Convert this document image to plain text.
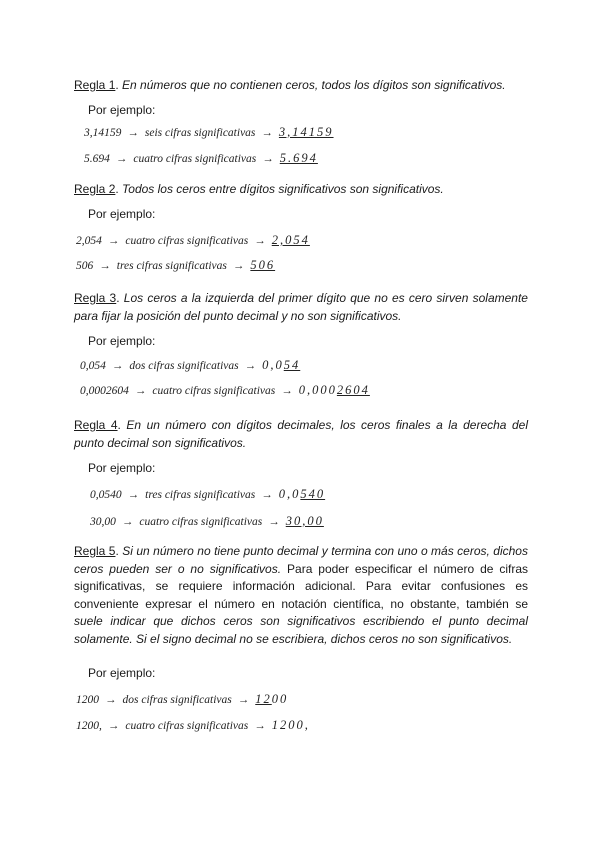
Regla 1. En números que no contienen ceros, todos los dígitos son significativos.
Por ejemplo:
3,14159 → seis cifras significativas → 3,14159
5.694 → cuatro cifras significativas → 5.694
Regla 2. Todos los ceros entre dígitos significativos son significativos.
Por ejemplo:
2,054 → cuatro cifras significativas → 2,054
506 → tres cifras significativas → 506
Regla 3. Los ceros a la izquierda del primer dígito que no es cero sirven solamente para fijar la posición del punto decimal y no son significativos.
Por ejemplo:
0,054 → dos cifras significativas → 0,054
0,0002604 → cuatro cifras significativas → 0,0002604
Regla 4. En un número con dígitos decimales, los ceros finales a la derecha del punto decimal son significativos.
Por ejemplo:
0,0540 → tres cifras significativas → 0,0540
30,00 → cuatro cifras significativas → 30,00
Regla 5. Si un número no tiene punto decimal y termina con uno o más ceros, dichos ceros pueden ser o no significativos. Para poder especificar el número de cifras significativas, se requiere información adicional. Para evitar confusiones es conveniente expresar el número en notación científica, no obstante, también se suele indicar que dichos ceros son significativos escribiendo el punto decimal solamente. Si el signo decimal no se escribiera, dichos ceros no son significativos.
Por ejemplo:
1200 → dos cifras significativas → 1200
1200, → cuatro cifras significativas → 1200,
